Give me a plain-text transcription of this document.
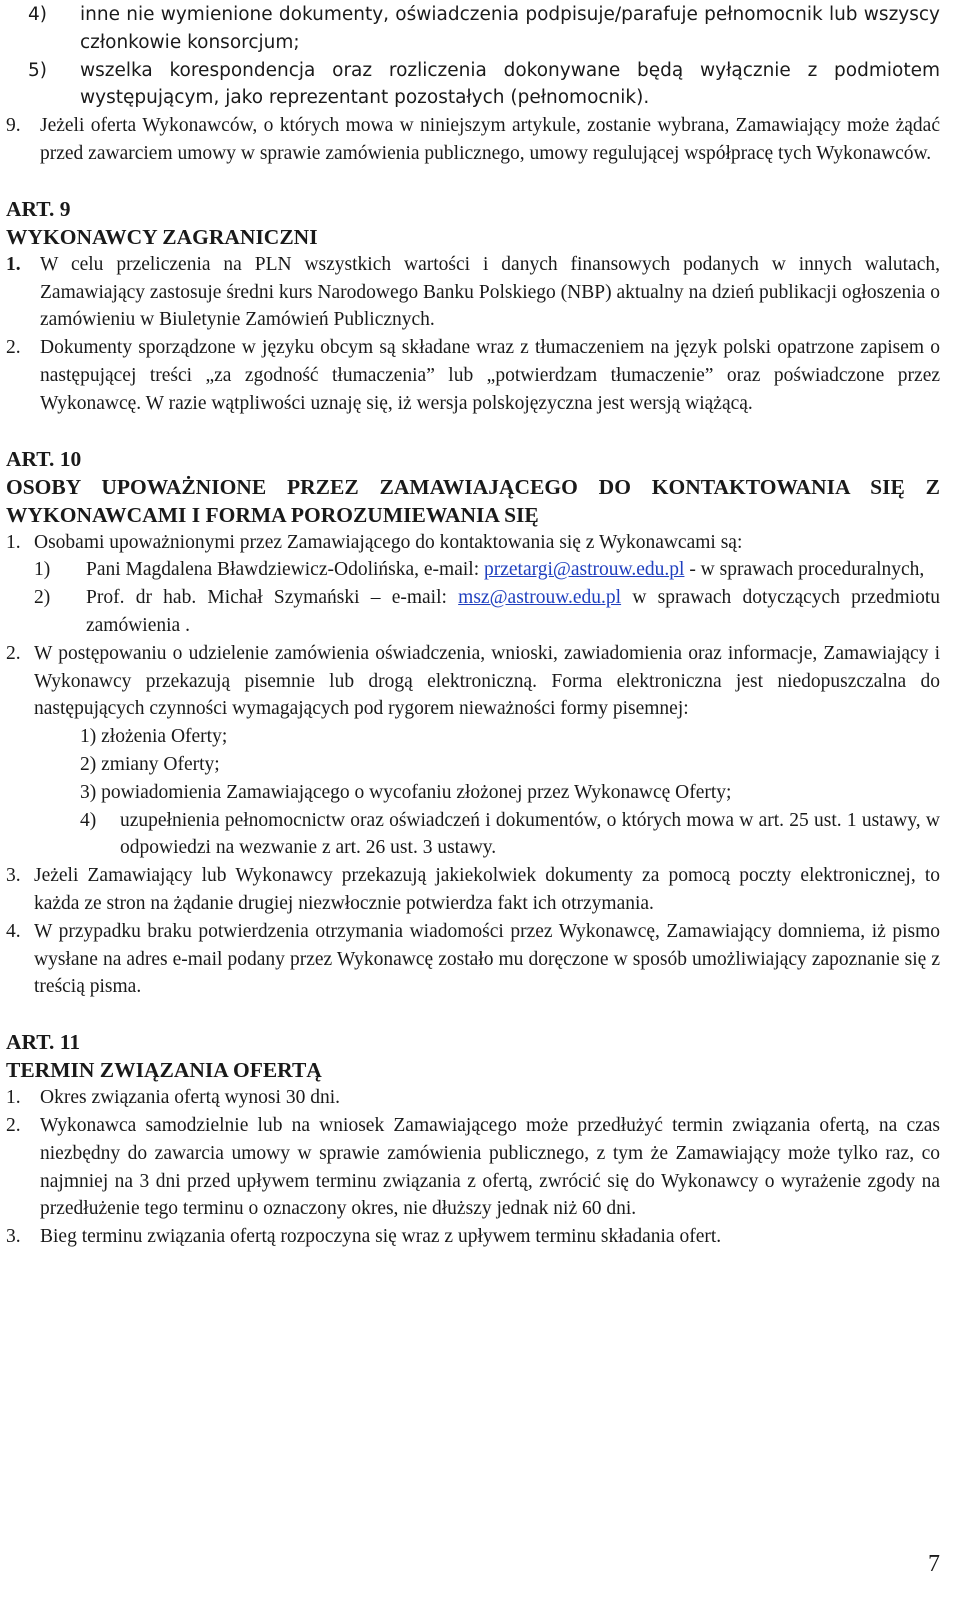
4) inne nie wymienione dokumenty, oświadczenia podpisuje/parafuje pełnomocnik lub wszyscy członkowie konsorcjum;
5) wszelka korespondencja oraz rozliczenia dokonywane będą wyłącznie z podmiotem występującym, jako reprezentant pozostałych (pełnomocnik).
9. Jeżeli oferta Wykonawców, o których mowa w niniejszym artykule, zostanie wybrana, Zamawiający może żądać przed zawarciem umowy w sprawie zamówienia publicznego, umowy regulującej współpracę tych Wykonawców.
ART. 9
WYKONAWCY ZAGRANICZNI
1. W celu przeliczenia na PLN wszystkich wartości i danych finansowych podanych w innych walutach, Zamawiający zastosuje średni kurs Narodowego Banku Polskiego (NBP) aktualny na dzień publikacji ogłoszenia o zamówieniu w Biuletynie Zamówień Publicznych.
2. Dokumenty sporządzone w języku obcym są składane wraz z tłumaczeniem na język polski opatrzone zapisem o następującej treści „za zgodność tłumaczenia” lub „potwierdzam tłumaczenie” oraz poświadczone przez Wykonawcę. W razie wątpliwości uznaję się, iż wersja polskojęzyczna jest wersją wiążącą.
ART. 10
OSOBY UPOWAŻNIONE PRZEZ ZAMAWIAJĄCEGO DO KONTAKTOWANIA SIĘ Z WYKONAWCAMI I FORMA POROZUMIEWANIA SIĘ
1. Osobami upoważnionymi przez Zamawiającego do kontaktowania się z Wykonawcami są:
1) Pani Magdalena Bławdziewicz-Odolińska, e-mail: przetargi@astrouw.edu.pl - w sprawach proceduralnych,
2) Prof. dr hab. Michał Szymański – e-mail: msz@astrouw.edu.pl w sprawach dotyczących przedmiotu zamówienia .
2. W postępowaniu o udzielenie zamówienia oświadczenia, wnioski, zawiadomienia oraz informacje, Zamawiający i Wykonawcy przekazują pisemnie lub drogą elektroniczną. Forma elektroniczna jest niedopuszczalna do następujących czynności wymagających pod rygorem nieważności formy pisemnej:
1) złożenia Oferty;
2) zmiany Oferty;
3) powiadomienia Zamawiającego o wycofaniu złożonej przez Wykonawcę Oferty;
4) uzupełnienia pełnomocnictw oraz oświadczeń i dokumentów, o których mowa w art. 25 ust. 1 ustawy, w odpowiedzi na wezwanie z art. 26 ust. 3 ustawy.
3. Jeżeli Zamawiający lub Wykonawcy przekazują jakiekolwiek dokumenty za pomocą poczty elektronicznej, to każda ze stron na żądanie drugiej niezwłocznie potwierdza fakt ich otrzymania.
4. W przypadku braku potwierdzenia otrzymania wiadomości przez Wykonawcę, Zamawiający domniema, iż pismo wysłane na adres e-mail podany przez Wykonawcę zostało mu doręczone w sposób umożliwiający zapoznanie się z treścią pisma.
ART. 11
TERMIN ZWIĄZANIA OFERTĄ
1. Okres związania ofertą wynosi 30 dni.
2. Wykonawca samodzielnie lub na wniosek Zamawiającego może przedłużyć termin związania ofertą, na czas niezbędny do zawarcia umowy w sprawie zamówienia publicznego, z tym że Zamawiający może tylko raz, co najmniej na 3 dni przed upływem terminu związania z ofertą, zwrócić się do Wykonawcy o wyrażenie zgody na przedłużenie tego terminu o oznaczony okres, nie dłuższy jednak niż 60 dni.
3. Bieg terminu związania ofertą rozpoczyna się wraz z upływem terminu składania ofert.
7
